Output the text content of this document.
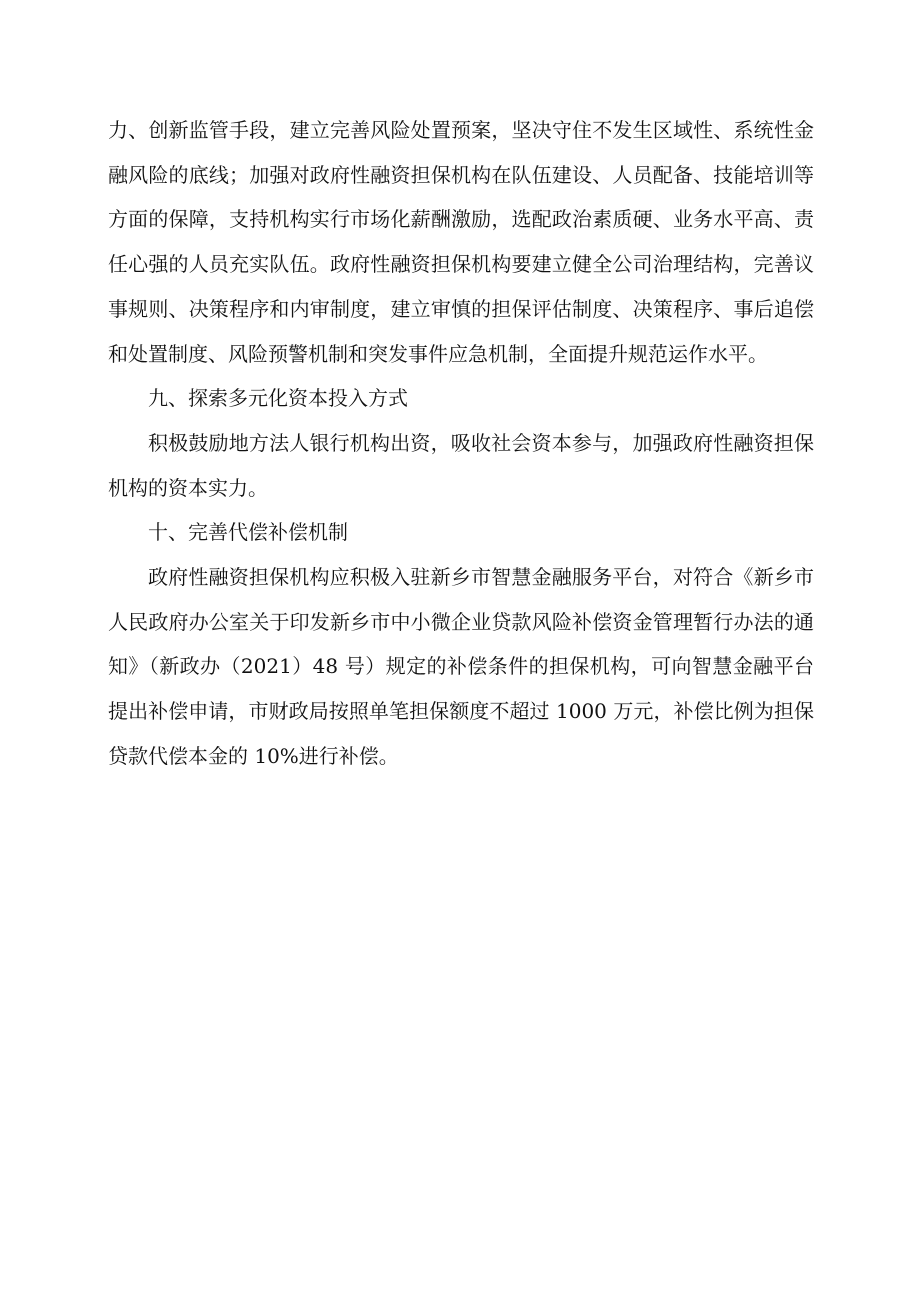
力、创新监管手段，建立完善风险处置预案，坚决守住不发生区域性、系统性金融风险的底线；加强对政府性融资担保机构在队伍建设、人员配备、技能培训等方面的保障，支持机构实行市场化薪酬激励，选配政治素质硬、业务水平高、责任心强的人员充实队伍。政府性融资担保机构要建立健全公司治理结构，完善议事规则、决策程序和内审制度，建立审慎的担保评估制度、决策程序、事后追偿和处置制度、风险预警机制和突发事件应急机制，全面提升规范运作水平。

九、探索多元化资本投入方式

积极鼓励地方法人银行机构出资，吸收社会资本参与，加强政府性融资担保机构的资本实力。

十、完善代偿补偿机制

政府性融资担保机构应积极入驻新乡市智慧金融服务平台，对符合《新乡市人民政府办公室关于印发新乡市中小微企业贷款风险补偿资金管理暂行办法的通知》（新政办（2021）48 号）规定的补偿条件的担保机构，可向智慧金融平台提出补偿申请，市财政局按照单笔担保额度不超过 1000 万元，补偿比例为担保贷款代偿本金的 10%进行补偿。
